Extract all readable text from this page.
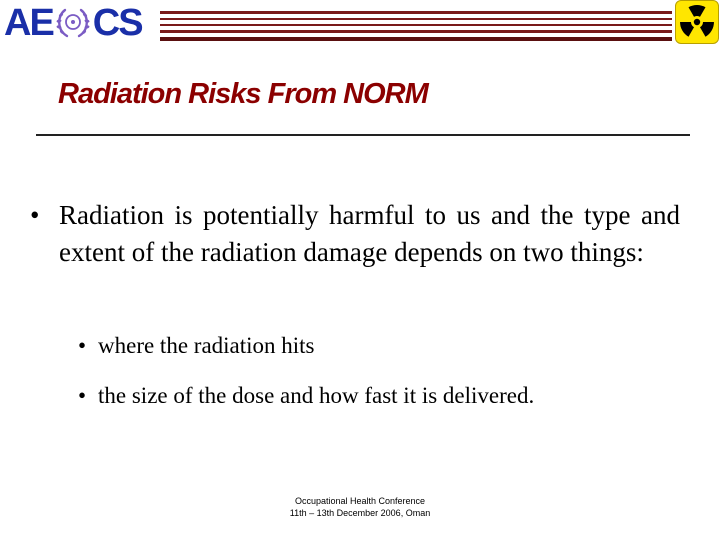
AE CS
Radiation Risks From NORM
• Radiation is potentially harmful to us and the type and extent of the radiation damage depends on two things:
• where the radiation hits
• the size of the dose and how fast it is delivered.
Occupational Health Conference
11th – 13th December 2006, Oman
